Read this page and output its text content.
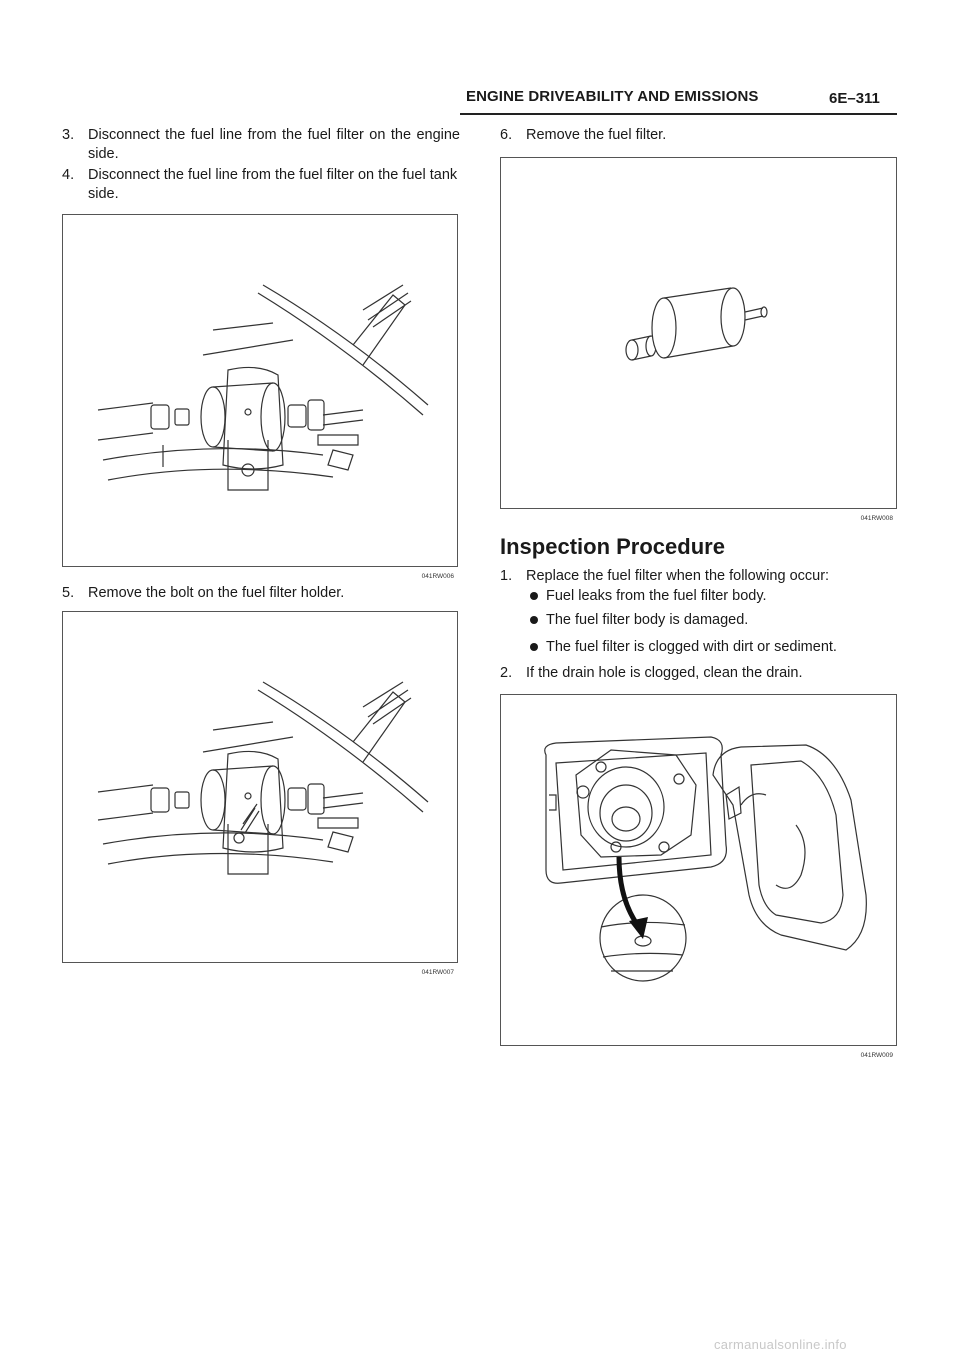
ENGINE DRIVEABILITY AND EMISSIONS	6E–311
3. Disconnect the fuel line from the fuel filter on the engine side.
4. Disconnect the fuel line from the fuel filter on the fuel tank side.
041RW006
5. Remove the bolt on the fuel filter holder.
041RW007
6. Remove the fuel filter.
041RW008
Inspection Procedure
1. Replace the fuel filter when the following occur:
Fuel leaks from the fuel filter body.
The fuel filter body is damaged.
The fuel filter is clogged with dirt or sediment.
2. If the drain hole is clogged, clean the drain.
041RW009
carmanualsonline.info
